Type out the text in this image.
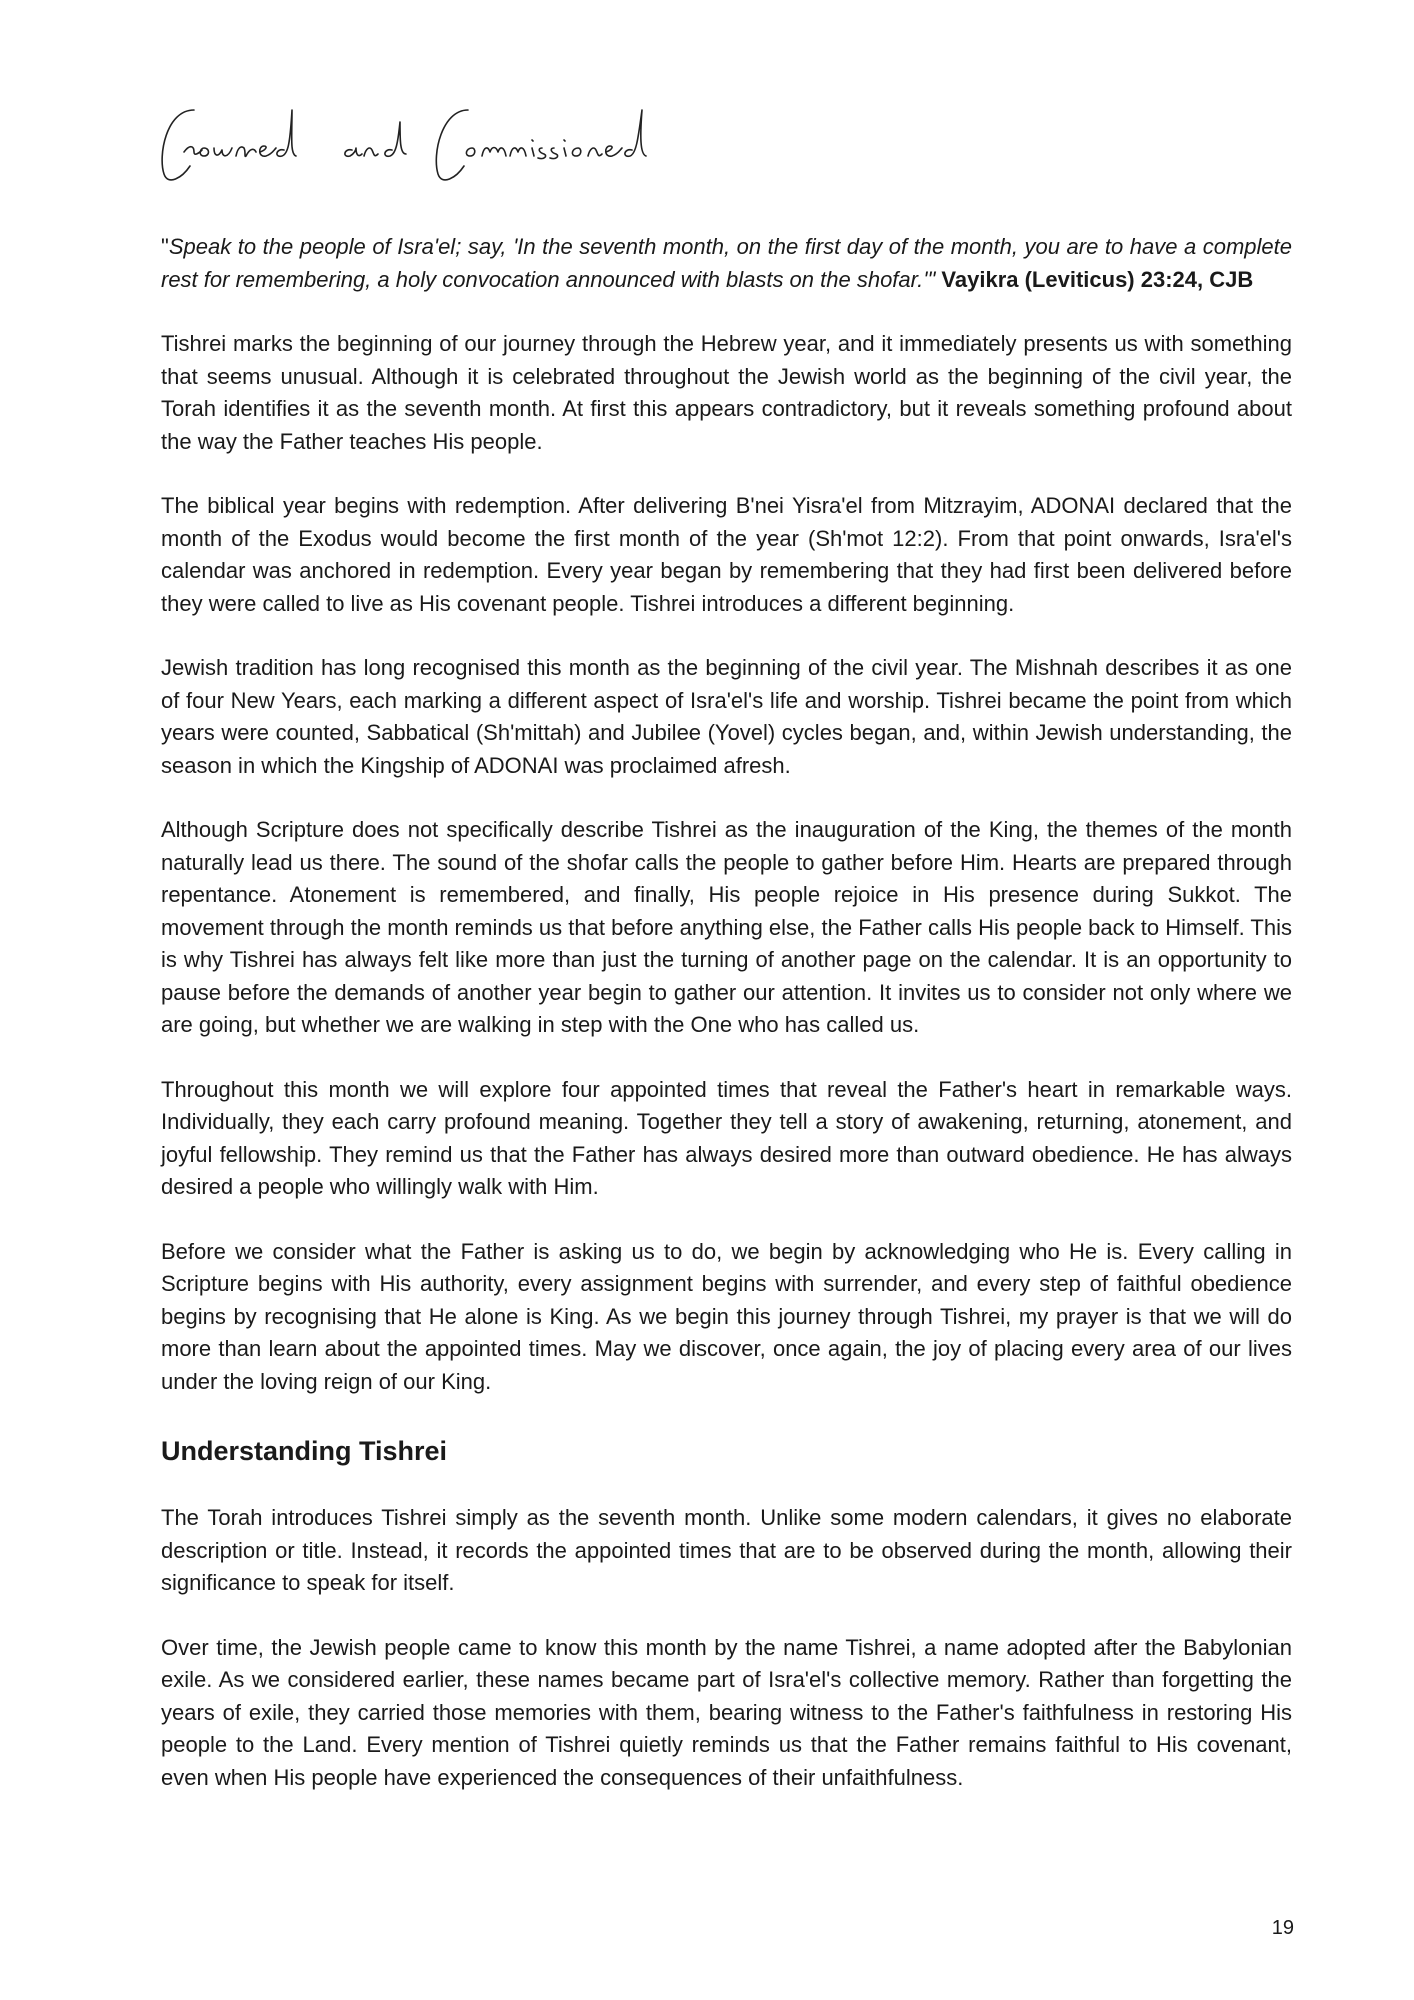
"Speak to the people of Isra'el; say, 'In the seventh month, on the first day of the month, you are to have a complete rest for remembering, a holy convocation announced with blasts on the shofar.'" Vayikra (Leviticus) 23:24, CJB

Tishrei marks the beginning of our journey through the Hebrew year, and it immediately presents us with something that seems unusual. Although it is celebrated throughout the Jewish world as the beginning of the civil year, the Torah identifies it as the seventh month. At first this appears contradictory, but it reveals something profound about the way the Father teaches His people.

The biblical year begins with redemption. After delivering B'nei Yisra'el from Mitzrayim, ADONAI declared that the month of the Exodus would become the first month of the year (Sh'mot 12:2). From that point onwards, Isra'el's calendar was anchored in redemption. Every year began by remembering that they had first been delivered before they were called to live as His covenant people. Tishrei introduces a different beginning.

Jewish tradition has long recognised this month as the beginning of the civil year. The Mishnah describes it as one of four New Years, each marking a different aspect of Isra'el's life and worship. Tishrei became the point from which years were counted, Sabbatical (Sh'mittah) and Jubilee (Yovel) cycles began, and, within Jewish understanding, the season in which the Kingship of ADONAI was proclaimed afresh.

Although Scripture does not specifically describe Tishrei as the inauguration of the King, the themes of the month naturally lead us there. The sound of the shofar calls the people to gather before Him. Hearts are prepared through repentance. Atonement is remembered, and finally, His people rejoice in His presence during Sukkot. The movement through the month reminds us that before anything else, the Father calls His people back to Himself. This is why Tishrei has always felt like more than just the turning of another page on the calendar. It is an opportunity to pause before the demands of another year begin to gather our attention. It invites us to consider not only where we are going, but whether we are walking in step with the One who has called us.

Throughout this month we will explore four appointed times that reveal the Father's heart in remarkable ways. Individually, they each carry profound meaning. Together they tell a story of awakening, returning, atonement, and joyful fellowship. They remind us that the Father has always desired more than outward obedience. He has always desired a people who willingly walk with Him.

Before we consider what the Father is asking us to do, we begin by acknowledging who He is. Every calling in Scripture begins with His authority, every assignment begins with surrender, and every step of faithful obedience begins by recognising that He alone is King. As we begin this journey through Tishrei, my prayer is that we will do more than learn about the appointed times. May we discover, once again, the joy of placing every area of our lives under the loving reign of our King.

Understanding Tishrei

The Torah introduces Tishrei simply as the seventh month. Unlike some modern calendars, it gives no elaborate description or title. Instead, it records the appointed times that are to be observed during the month, allowing their significance to speak for itself.

Over time, the Jewish people came to know this month by the name Tishrei, a name adopted after the Babylonian exile. As we considered earlier, these names became part of Isra'el's collective memory. Rather than forgetting the years of exile, they carried those memories with them, bearing witness to the Father's faithfulness in restoring His people to the Land. Every mention of Tishrei quietly reminds us that the Father remains faithful to His covenant, even when His people have experienced the consequences of their unfaithfulness.

19
